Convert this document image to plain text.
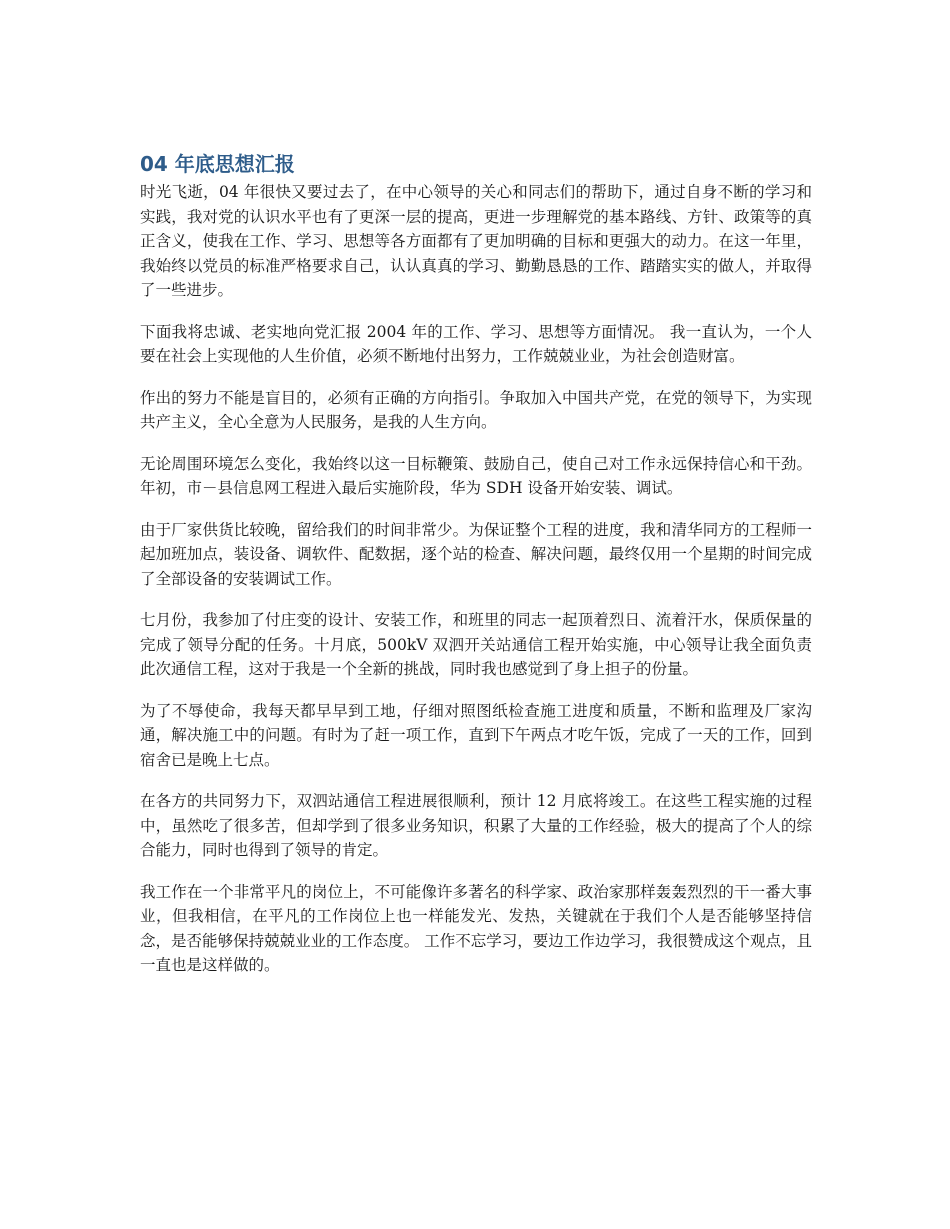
04 年底思想汇报

时光飞逝，04 年很快又要过去了，在中心领导的关心和同志们的帮助下，通过自身不断的学习和实践，我对党的认识水平也有了更深一层的提高，更进一步理解党的基本路线、方针、政策等的真正含义，使我在工作、学习、思想等各方面都有了更加明确的目标和更强大的动力。在这一年里，我始终以党员的标准严格要求自己，认认真真的学习、勤勤恳恳的工作、踏踏实实的做人，并取得了一些进步。

下面我将忠诚、老实地向党汇报 2004 年的工作、学习、思想等方面情况。 我一直认为，一个人要在社会上实现他的人生价值，必须不断地付出努力，工作兢兢业业，为社会创造财富。

作出的努力不能是盲目的，必须有正确的方向指引。争取加入中国共产党，在党的领导下，为实现共产主义，全心全意为人民服务，是我的人生方向。

无论周围环境怎么变化，我始终以这一目标鞭策、鼓励自己，使自己对工作永远保持信心和干劲。年初，市－县信息网工程进入最后实施阶段，华为 SDH 设备开始安装、调试。

由于厂家供货比较晚，留给我们的时间非常少。为保证整个工程的进度，我和清华同方的工程师一起加班加点，装设备、调软件、配数据，逐个站的检查、解决问题，最终仅用一个星期的时间完成了全部设备的安装调试工作。

七月份，我参加了付庄变的设计、安装工作，和班里的同志一起顶着烈日、流着汗水，保质保量的完成了领导分配的任务。十月底，500kV 双泗开关站通信工程开始实施，中心领导让我全面负责此次通信工程，这对于我是一个全新的挑战，同时我也感觉到了身上担子的份量。

为了不辱使命，我每天都早早到工地，仔细对照图纸检查施工进度和质量，不断和监理及厂家沟通，解决施工中的问题。有时为了赶一项工作，直到下午两点才吃午饭，完成了一天的工作，回到宿舍已是晚上七点。

在各方的共同努力下，双泗站通信工程进展很顺利，预计 12 月底将竣工。在这些工程实施的过程中，虽然吃了很多苦，但却学到了很多业务知识，积累了大量的工作经验，极大的提高了个人的综合能力，同时也得到了领导的肯定。

我工作在一个非常平凡的岗位上，不可能像许多著名的科学家、政治家那样轰轰烈烈的干一番大事业，但我相信，在平凡的工作岗位上也一样能发光、发热，关键就在于我们个人是否能够坚持信念，是否能够保持兢兢业业的工作态度。 工作不忘学习，要边工作边学习，我很赞成这个观点，且一直也是这样做的。
